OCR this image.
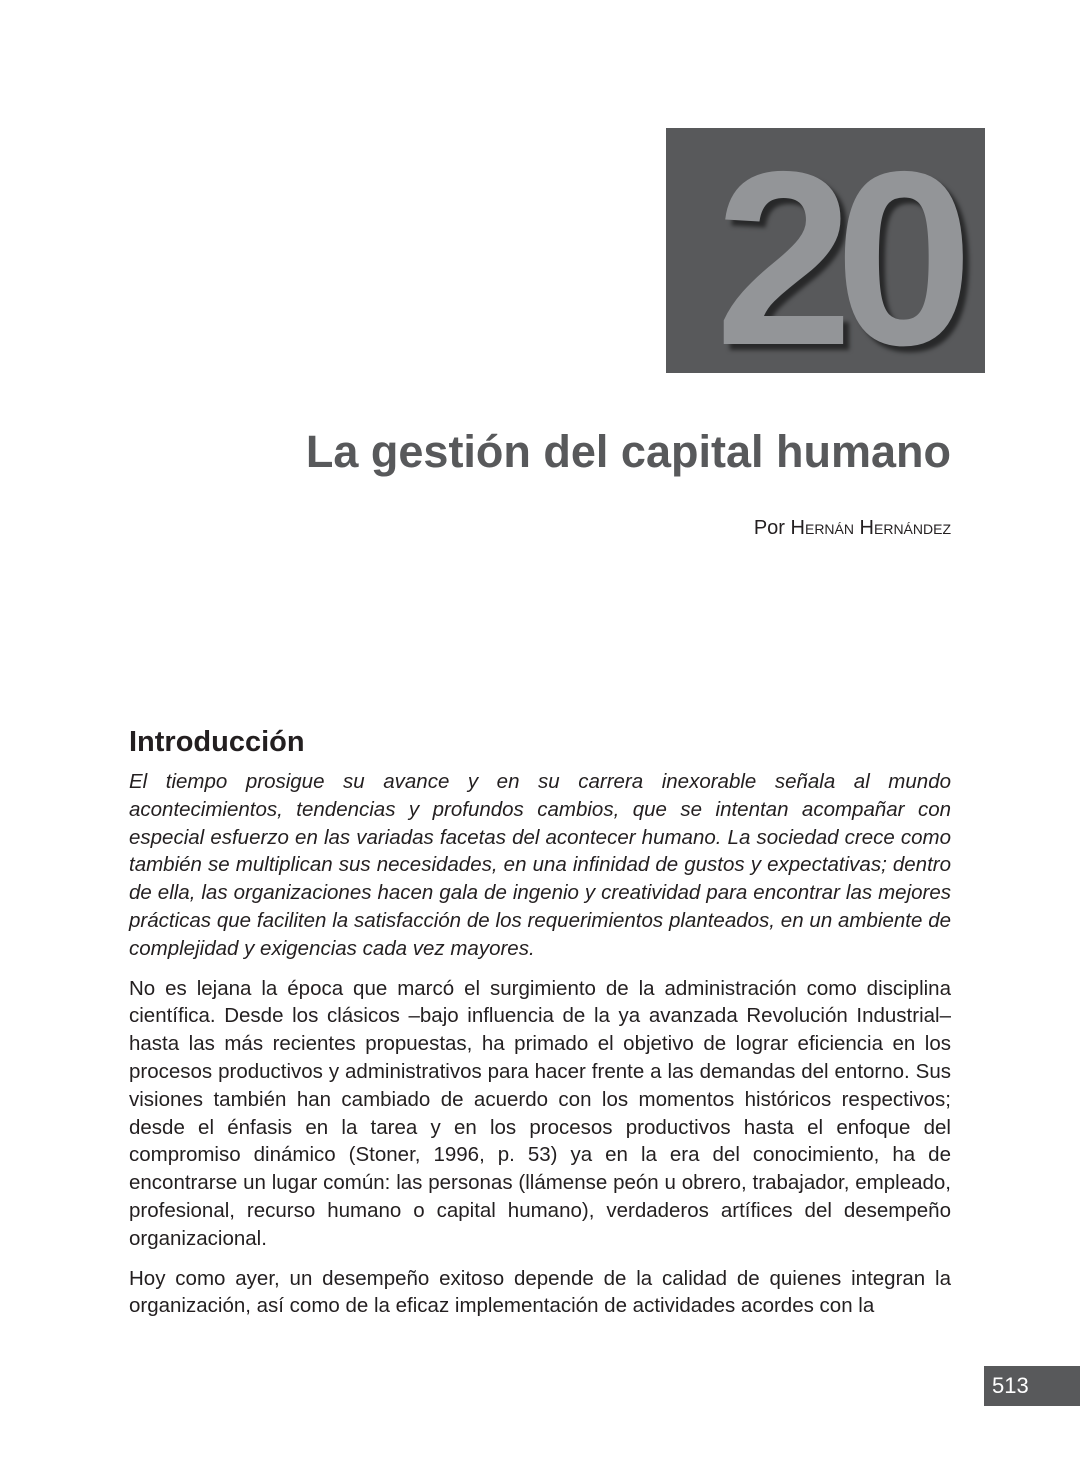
20
La gestión del capital humano
Por Hernán Hernández
Introducción

El tiempo prosigue su avance y en su carrera inexorable señala al mundo acontecimientos, tendencias y profundos cambios, que se intentan acompañar con especial esfuerzo en las variadas facetas del acontecer humano. La sociedad crece como también se multiplican sus necesidades, en una infinidad de gustos y expectativas; dentro de ella, las organizaciones hacen gala de ingenio y creatividad para encontrar las mejores prácticas que faciliten la satisfacción de los requerimientos planteados, en un ambiente de complejidad y exigencias cada vez mayores.

No es lejana la época que marcó el surgimiento de la administración como disciplina científica. Desde los clásicos –bajo influencia de la ya avanzada Revolución Industrial– hasta las más recientes propuestas, ha primado el objetivo de lograr eficiencia en los procesos productivos y administrativos para hacer frente a las demandas del entorno. Sus visiones también han cambiado de acuerdo con los momentos históricos respectivos; desde el énfasis en la tarea y en los procesos productivos hasta el enfoque del compromiso dinámico (Stoner, 1996, p. 53) ya en la era del conocimiento, ha de encontrarse un lugar común: las personas (llámense peón u obrero, trabajador, empleado, profesional, recurso humano o capital humano), verdaderos artífices del desempeño organizacional.

Hoy como ayer, un desempeño exitoso depende de la calidad de quienes integran la organización, así como de la eficaz implementación de actividades acordes con la

513
